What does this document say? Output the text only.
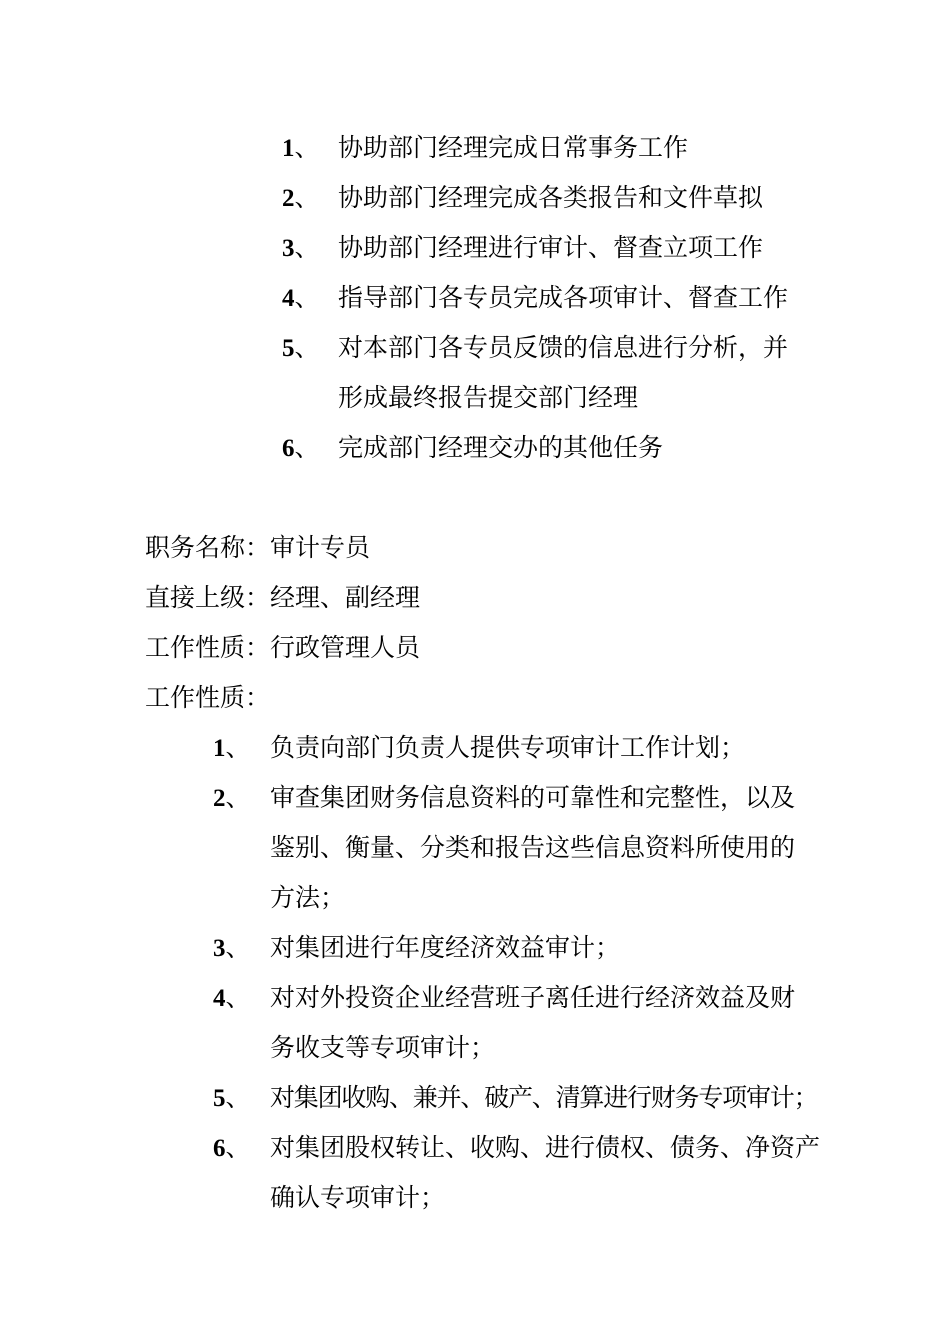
1、 协助部门经理完成日常事务工作
2、 协助部门经理完成各类报告和文件草拟
3、 协助部门经理进行审计、督查立项工作
4、 指导部门各专员完成各项审计、督查工作
5、 对本部门各专员反馈的信息进行分析，并
形成最终报告提交部门经理
6、 完成部门经理交办的其他任务
职务名称：审计专员
直接上级：经理、副经理
工作性质：行政管理人员
工作性质：
1、 负责向部门负责人提供专项审计工作计划；
2、 审查集团财务信息资料的可靠性和完整性，以及
鉴别、衡量、分类和报告这些信息资料所使用的
方法；
3、 对集团进行年度经济效益审计；
4、 对对外投资企业经营班子离任进行经济效益及财
务收支等专项审计；
5、 对集团收购、兼并、破产、清算进行财务专项审计；
6、 对集团股权转让、收购、进行债权、债务、净资产
确认专项审计；
